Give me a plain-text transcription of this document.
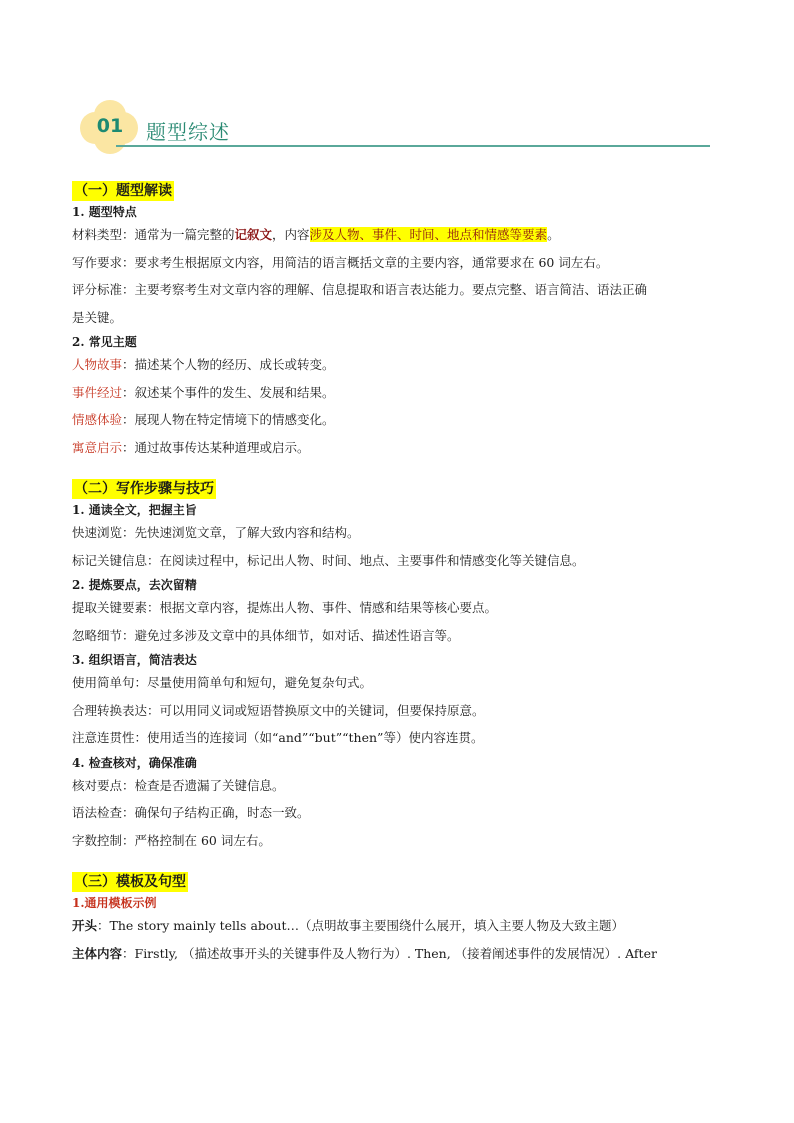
01	题型综述
（一）题型解读

1. 题型特点

材料类型：通常为一篇完整的记叙文，内容涉及人物、事件、时间、地点和情感等要素。

写作要求：要求考生根据原文内容，用简洁的语言概括文章的主要内容，通常要求在 60 词左右。

评分标准：主要考察考生对文章内容的理解、信息提取和语言表达能力。要点完整、语言简洁、语法正确
是关键。

2. 常见主题

人物故事：描述某个人物的经历、成长或转变。

事件经过：叙述某个事件的发生、发展和结果。

情感体验：展现人物在特定情境下的情感变化。

寓意启示：通过故事传达某种道理或启示。

（二）写作步骤与技巧

1. 通读全文，把握主旨

快速浏览：先快速浏览文章，了解大致内容和结构。

标记关键信息：在阅读过程中，标记出人物、时间、地点、主要事件和情感变化等关键信息。

2. 提炼要点，去次留精

提取关键要素：根据文章内容，提炼出人物、事件、情感和结果等核心要点。

忽略细节：避免过多涉及文章中的具体细节，如对话、描述性语言等。

3. 组织语言，简洁表达

使用简单句：尽量使用简单句和短句，避免复杂句式。

合理转换表达：可以用同义词或短语替换原文中的关键词，但要保持原意。

注意连贯性：使用适当的连接词（如“and”“but”“then”等）使内容连贯。

4. 检查核对，确保准确

核对要点：检查是否遗漏了关键信息。

语法检查：确保句子结构正确，时态一致。

字数控制：严格控制在 60 词左右。

（三）模板及句型

1.通用模板示例

开头：The story mainly tells about…（点明故事主要围绕什么展开，填入主要人物及大致主题）

主体内容：Firstly, （描述故事开头的关键事件及人物行为）. Then, （接着阐述事件的发展情况）. After
